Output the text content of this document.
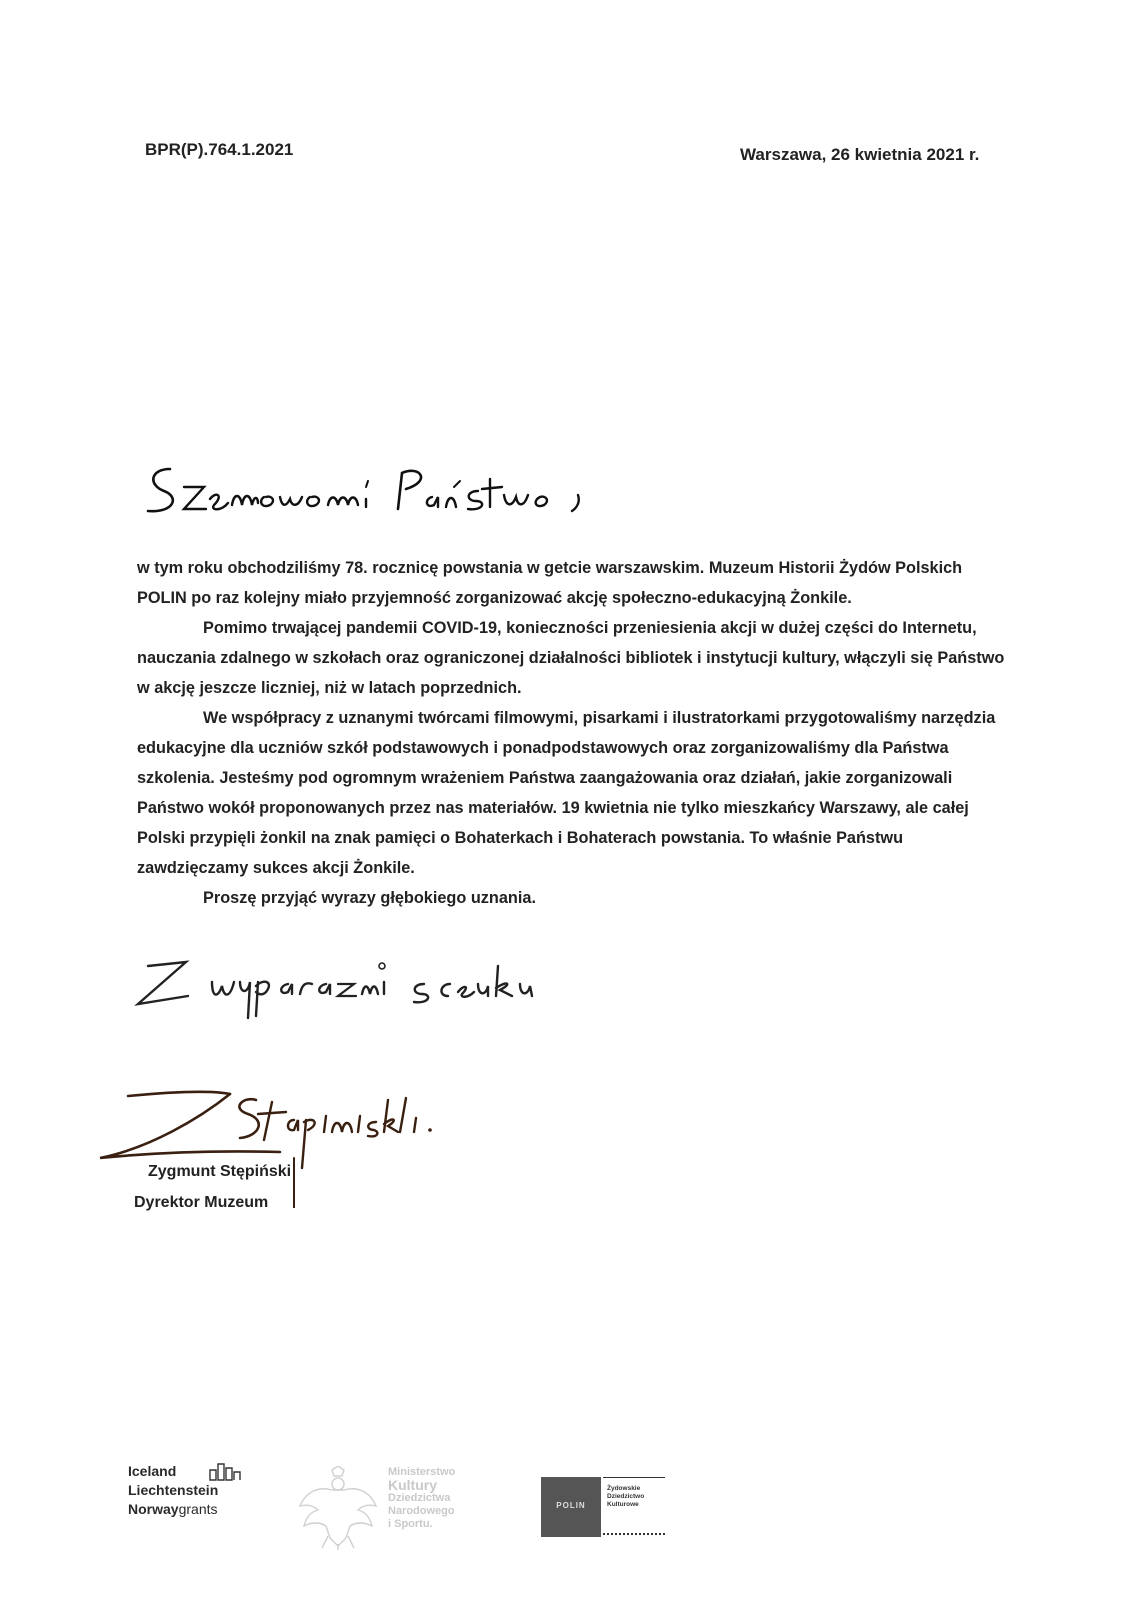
BPR(P).764.1.2021	Warszawa, 26 kwietnia 2021 r.

w tym roku obchodziliśmy 78. rocznicę powstania w getcie warszawskim. Muzeum Historii Żydów Polskich POLIN po raz kolejny miało przyjemność zorganizować akcję społeczno-edukacyjną Żonkile.

Pomimo trwającej pandemii COVID-19, konieczności przeniesienia akcji w dużej części do Internetu, nauczania zdalnego w szkołach oraz ograniczonej działalności bibliotek i instytucji kultury, włączyli się Państwo w akcję jeszcze liczniej, niż w latach poprzednich.

We współpracy z uznanymi twórcami filmowymi, pisarkami i ilustratorkami przygotowaliśmy narzędzia edukacyjne dla uczniów szkół podstawowych i ponadpodstawowych oraz zorganizowaliśmy dla Państwa szkolenia. Jesteśmy pod ogromnym wrażeniem Państwa zaangażowania oraz działań, jakie zorganizowali Państwo wokół proponowanych przez nas materiałów. 19 kwietnia nie tylko mieszkańcy Warszawy, ale całej Polski przypięli żonkil na znak pamięci o Bohaterkach i Bohaterach powstania. To właśnie Państwu zawdzięczamy sukces akcji Żonkile.

Proszę przyjąć wyrazy głębokiego uznania.

Zygmunt Stępiński
Dyrektor Muzeum
Iceland
Liechtenstein
Norwaygrants
Ministerstwo
Kultury
Dziedzictwa
Narodowego
i Sportu.
POLIN
Żydowskie
Dziedzictwo
Kulturowe
